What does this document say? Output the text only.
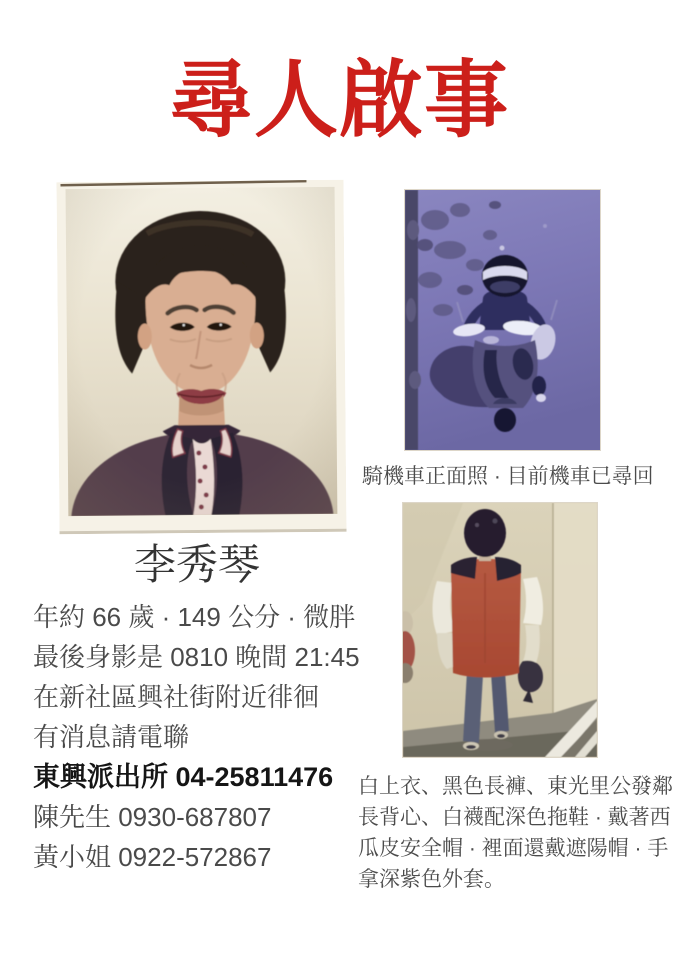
尋人啟事
李秀琴
年約 66 歲 · 149 公分 · 微胖
最後身影是 0810 晚間 21:45
在新社區興社街附近徘徊
有消息請電聯
東興派出所 04-25811476
陳先生 0930-687807
黃小姐 0922-572867
騎機車正面照 · 目前機車已尋回
白上衣、黑色長褲、東光里公發鄰
長背心、白襪配深色拖鞋 · 戴著西
瓜皮安全帽 · 裡面還戴遮陽帽 · 手
拿深紫色外套。
